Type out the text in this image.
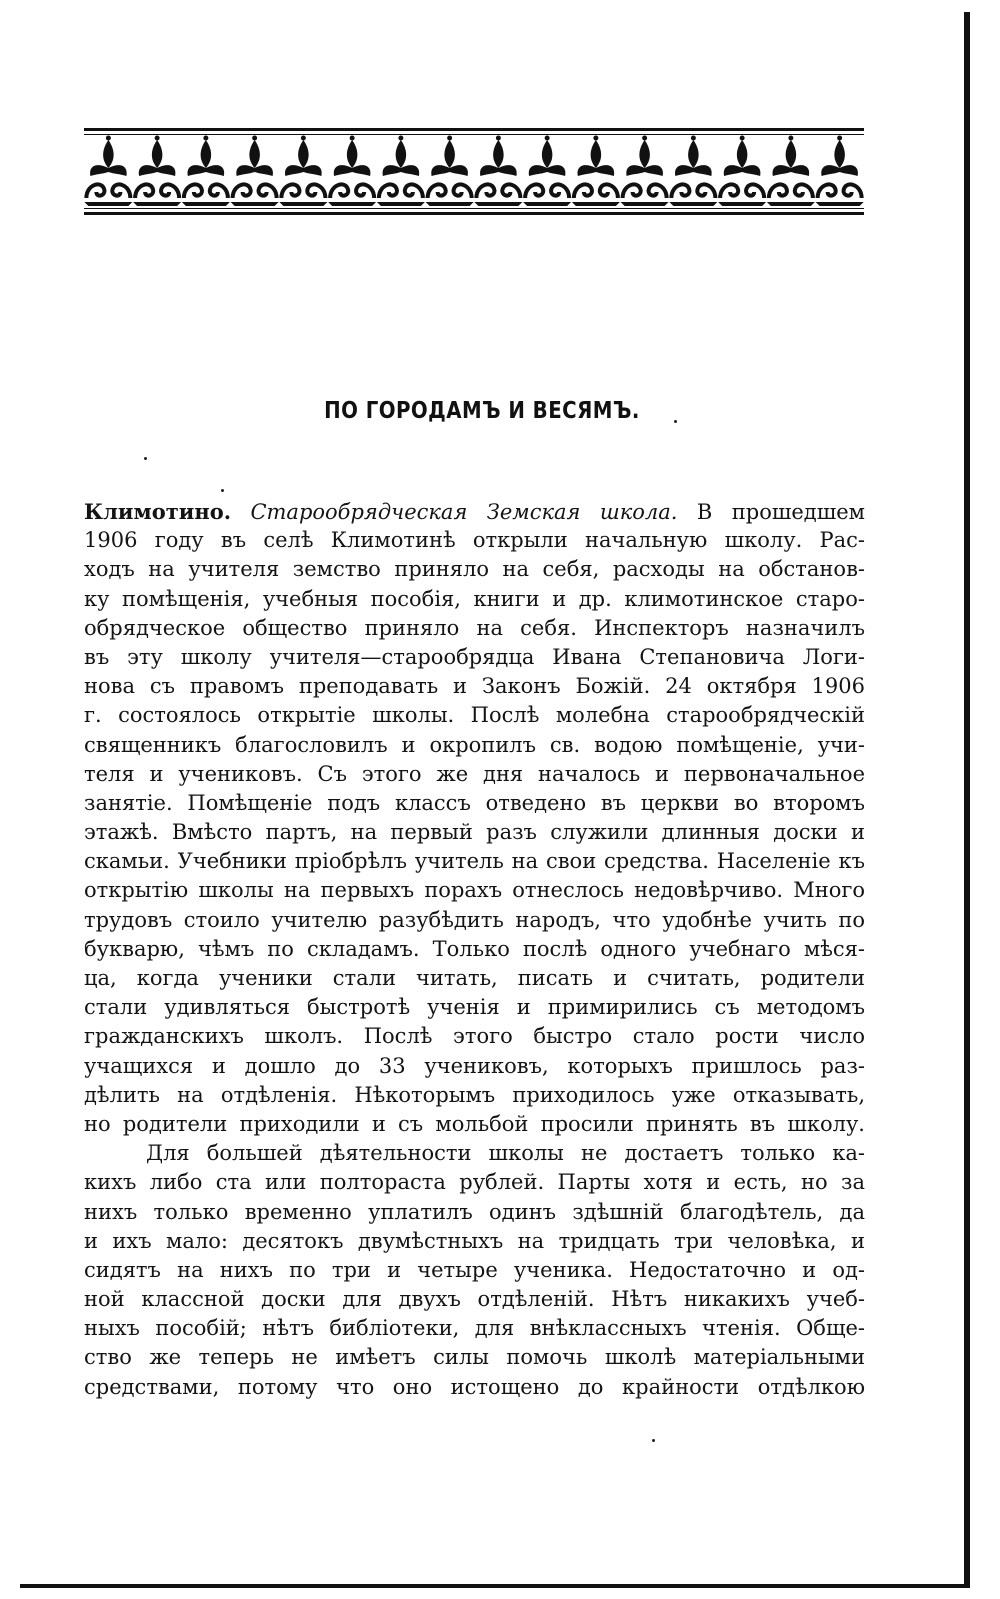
ПО ГОРОДАМЪ И ВЕСЯМЪ.
Климотино. Старообрядческая Земская школа. В прошедшем
1906 году въ селѣ Климотинѣ открыли начальную школу. Рас-
ходъ на учителя земство приняло на себя, расходы на обстанов-
ку помѣщенія, учебныя пособія, книги и др. климотинское старо-
обрядческое общество приняло на себя. Инспекторъ назначилъ
въ эту школу учителя—старообрядца Ивана Степановича Логи-
нова съ правомъ преподавать и Законъ Божій. 24 октября 1906
г. состоялось открытіе школы. Послѣ молебна старообрядческій
священникъ благословилъ и окропилъ св. водою помѣщеніе, учи-
теля и учениковъ. Съ этого же дня началось и первоначальное
занятіе. Помѣщеніе подъ классъ отведено въ церкви во второмъ
этажѣ. Вмѣсто партъ, на первый разъ служили длинныя доски и
скамьи. Учебники пріобрѣлъ учитель на свои средства. Населеніе къ
открытію школы на первыхъ порахъ отнеслось недовѣрчиво. Много
трудовъ стоило учителю разубѣдить народъ, что удобнѣе учить по
букварю, чѣмъ по складамъ. Только послѣ одного учебнаго мѣся-
ца, когда ученики стали читать, писать и считать, родители
стали удивляться быстротѣ ученія и примирились съ методомъ
гражданскихъ школъ. Послѣ этого быстро стало рости число
учащихся и дошло до 33 учениковъ, которыхъ пришлось раз-
дѣлить на отдѣленія. Нѣкоторымъ приходилось уже отказывать,
но родители приходили и съ мольбой просили принять въ школу.
Для большей дѣятельности школы не достаетъ только ка-
кихъ либо ста или полтораста рублей. Парты хотя и есть, но за
нихъ только временно уплатилъ одинъ здѣшній благодѣтель, да
и ихъ мало: десятокъ двумѣстныхъ на тридцать три человѣка, и
сидятъ на нихъ по три и четыре ученика. Недостаточно и од-
ной классной доски для двухъ отдѣленій. Нѣтъ никакихъ учеб-
ныхъ пособій; нѣтъ библіотеки, для внѣклассныхъ чтенія. Обще-
ство же теперь не имѣетъ силы помочь школѣ матеріальными
средствами, потому что оно истощено до крайности отдѣлкою
